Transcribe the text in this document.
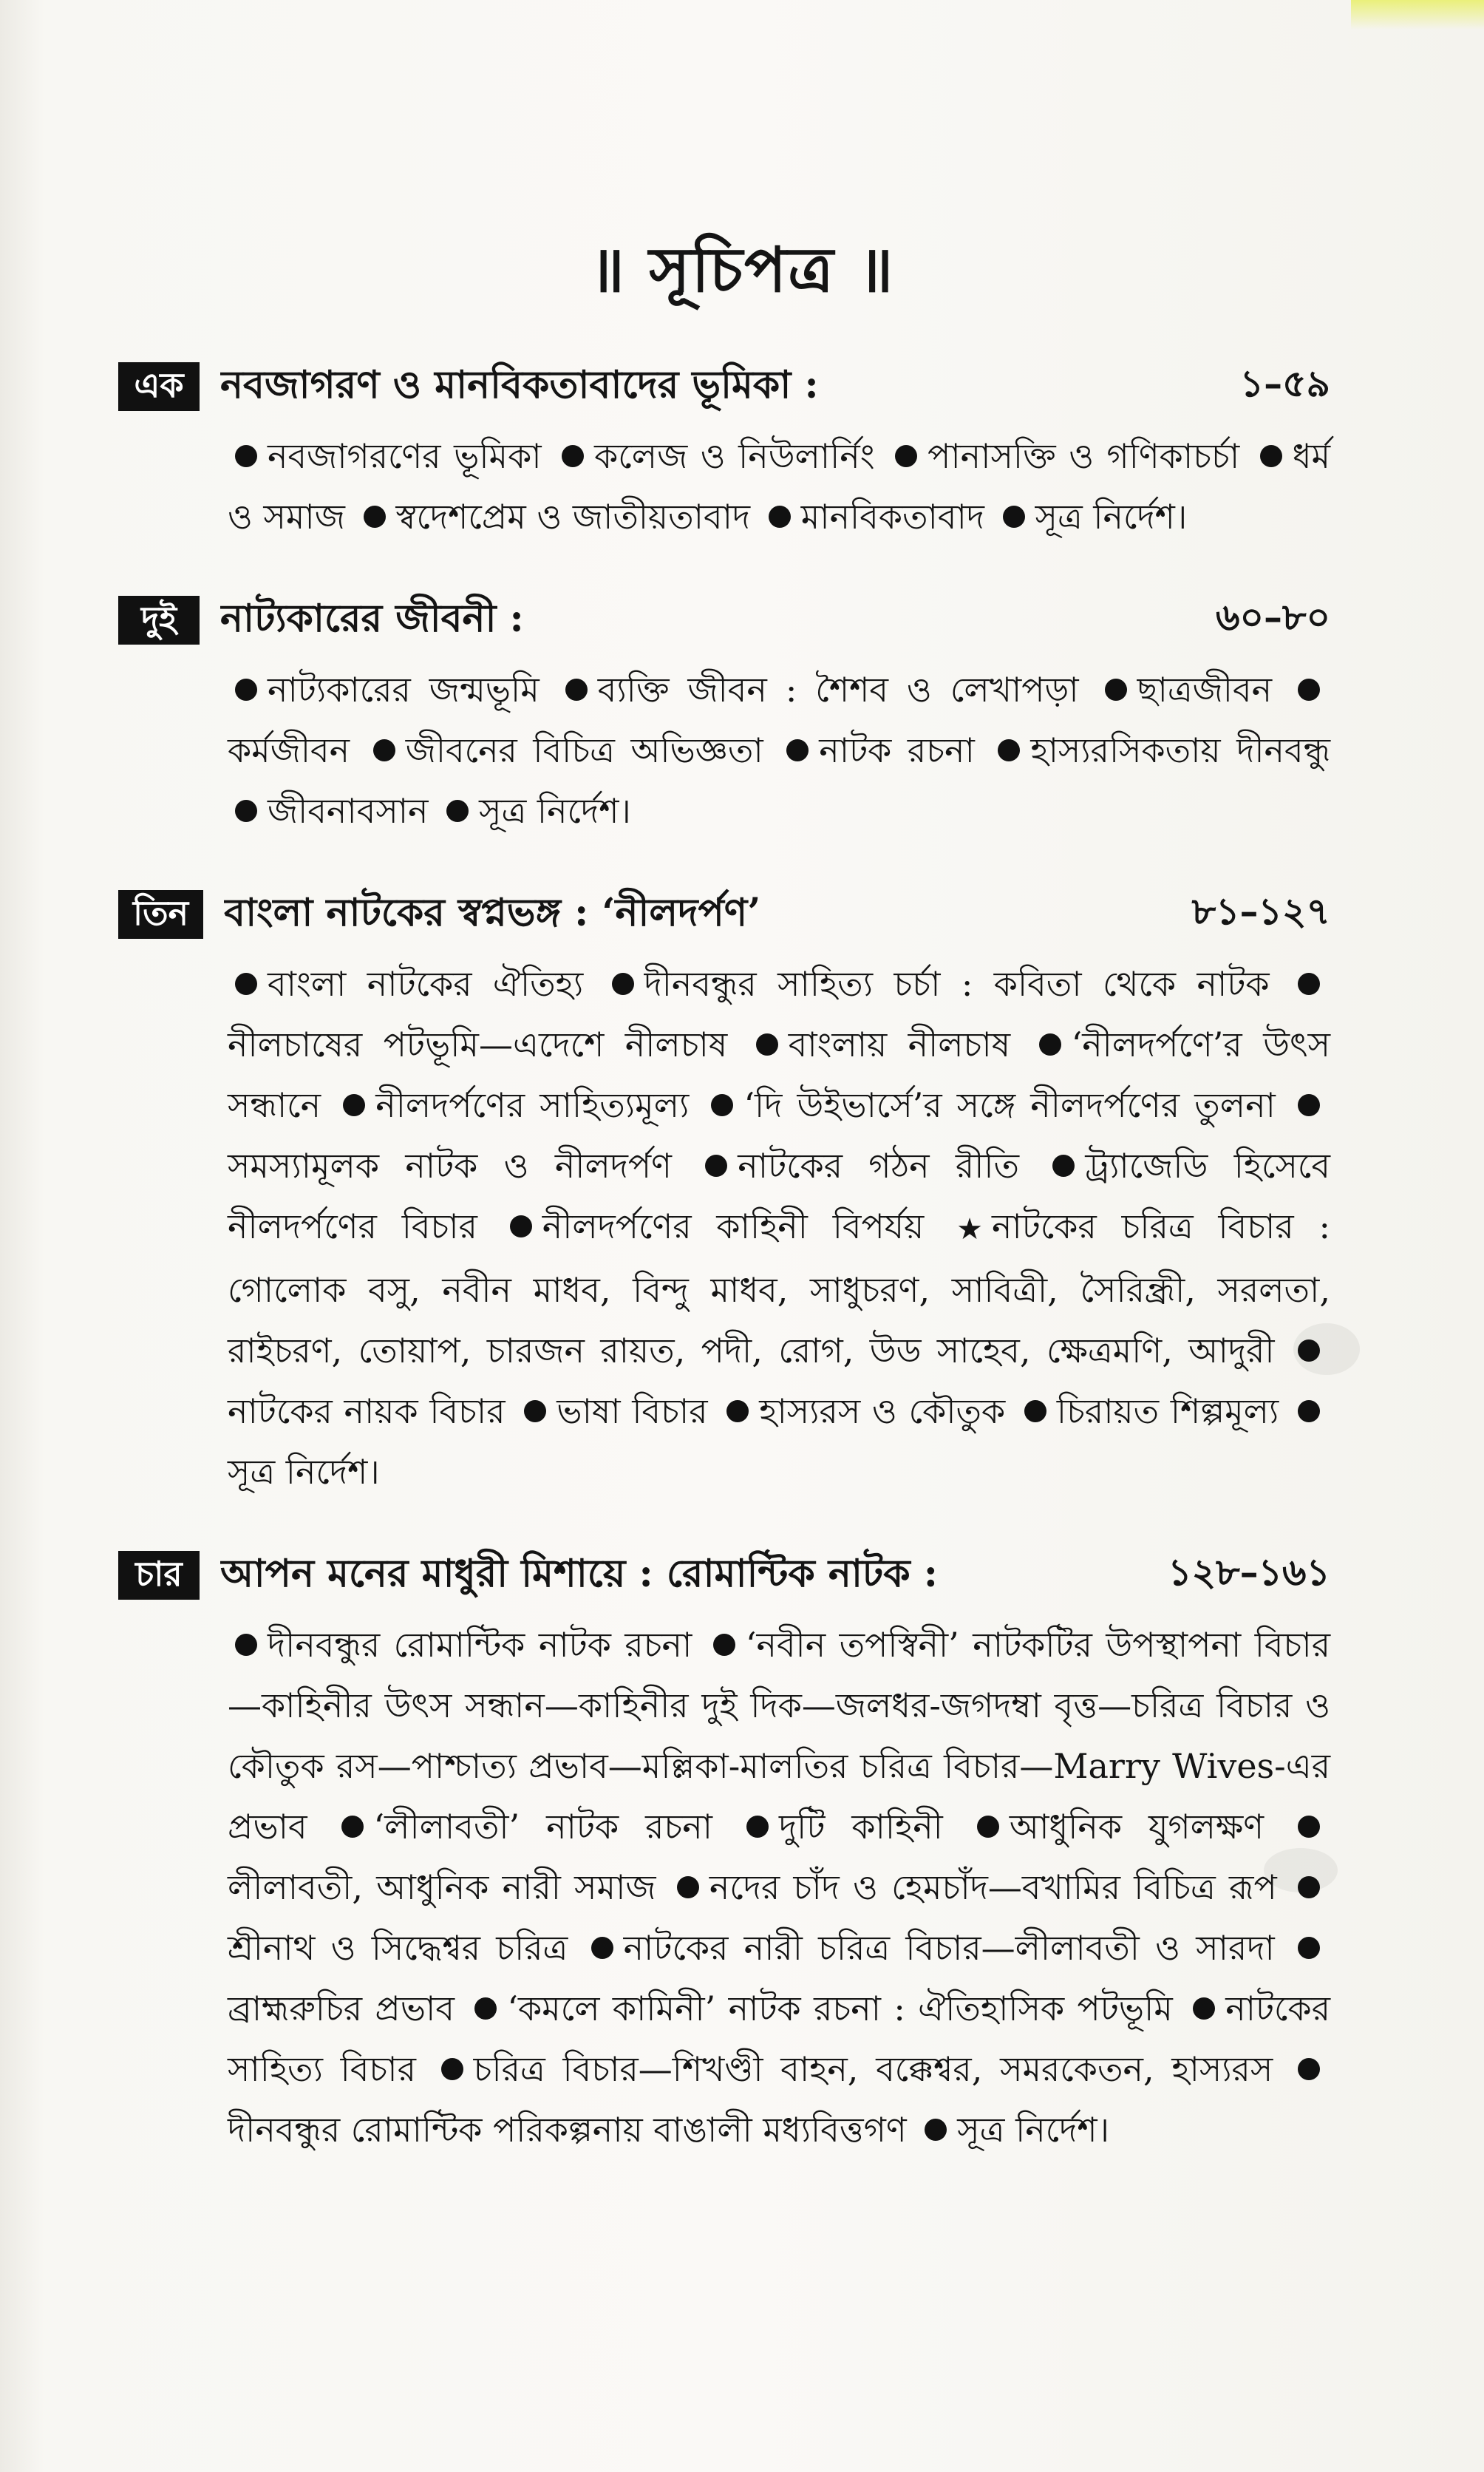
॥ সূচিপত্র ॥
এক নবজাগরণ ও মানবিকতাবাদের ভূমিকা :	১–৫৯
নবজাগরণের ভূমিকা কলেজ ও নিউলার্নিং পানাসক্তি ও গণিকাচর্চা ধর্ম ও সমাজ স্বদেশপ্রেম ও জাতীয়তাবাদ মানবিকতাবাদ সূত্র নির্দেশ।
দুই	নাট্যকারের জীবনী :	৬০–৮০
নাট্যকারের জন্মভূমি ব্যক্তি জীবন : শৈশব ও লেখাপড়া ছাত্রজীবন কর্মজীবন জীবনের বিচিত্র অভিজ্ঞতা নাটক রচনা হাস্যরসিকতায় দীনবন্ধু জীবনাবসান সূত্র নির্দেশ।
তিন বাংলা নাটকের স্বপ্নভঙ্গ : ‘নীলদর্পণ’	৮১–১২৭
বাংলা নাটকের ঐতিহ্য দীনবন্ধুর সাহিত্য চর্চা : কবিতা থেকে নাটক নীলচাষের পটভূমি—এদেশে নীলচাষ বাংলায় নীলচাষ ‘নীলদর্পণে’র উৎস সন্ধানে নীলদর্পণের সাহিত্যমূল্য ‘দি উইভার্সে’র সঙ্গে নীলদর্পণের তুলনা সমস্যামূলক নাটক ও নীলদর্পণ নাটকের গঠন রীতি ট্র্যাজেডি হিসেবে নীলদর্পণের বিচার নীলদর্পণের কাহিনী বিপর্যয় ★ নাটকের চরিত্র বিচার : গোলোক বসু, নবীন মাধব, বিন্দু মাধব, সাধুচরণ, সাবিত্রী, সৈরিন্ধ্রী, সরলতা, রাইচরণ, তোয়াপ, চারজন রায়ত, পদী, রোগ, উড সাহেব, ক্ষেত্রমণি, আদুরী নাটকের নায়ক বিচার ভাষা বিচার হাস্যরস ও কৌতুক চিরায়ত শিল্পমূল্য সূত্র নির্দেশ।
চার আপন মনের মাধুরী মিশায়ে : রোমান্টিক নাটক :	১২৮–১৬১
দীনবন্ধুর রোমান্টিক নাটক রচনা ‘নবীন তপস্বিনী’ নাটকটির উপস্থাপনা বিচার—কাহিনীর উৎস সন্ধান—কাহিনীর দুই দিক—জলধর-জগদম্বা বৃত্ত—চরিত্র বিচার ও কৌতুক রস—পাশ্চাত্য প্রভাব—মল্লিকা-মালতির চরিত্র বিচার—Marry Wives-এর প্রভাব ‘লীলাবতী’ নাটক রচনা দুটি কাহিনী আধুনিক যুগলক্ষণ লীলাবতী, আধুনিক নারী সমাজ নদের চাঁদ ও হেমচাঁদ—বখামির বিচিত্র রূপ শ্রীনাথ ও সিদ্ধেশ্বর চরিত্র নাটকের নারী চরিত্র বিচার—লীলাবতী ও সারদা ব্রাহ্মরুচির প্রভাব ‘কমলে কামিনী’ নাটক রচনা : ঐতিহাসিক পটভূমি নাটকের সাহিত্য বিচার চরিত্র বিচার—শিখণ্ডী বাহন, বক্কেশ্বর, সমরকেতন, হাস্যরস দীনবন্ধুর রোমান্টিক পরিকল্পনায় বাঙালী মধ্যবিত্তগণ সূত্র নির্দেশ।
